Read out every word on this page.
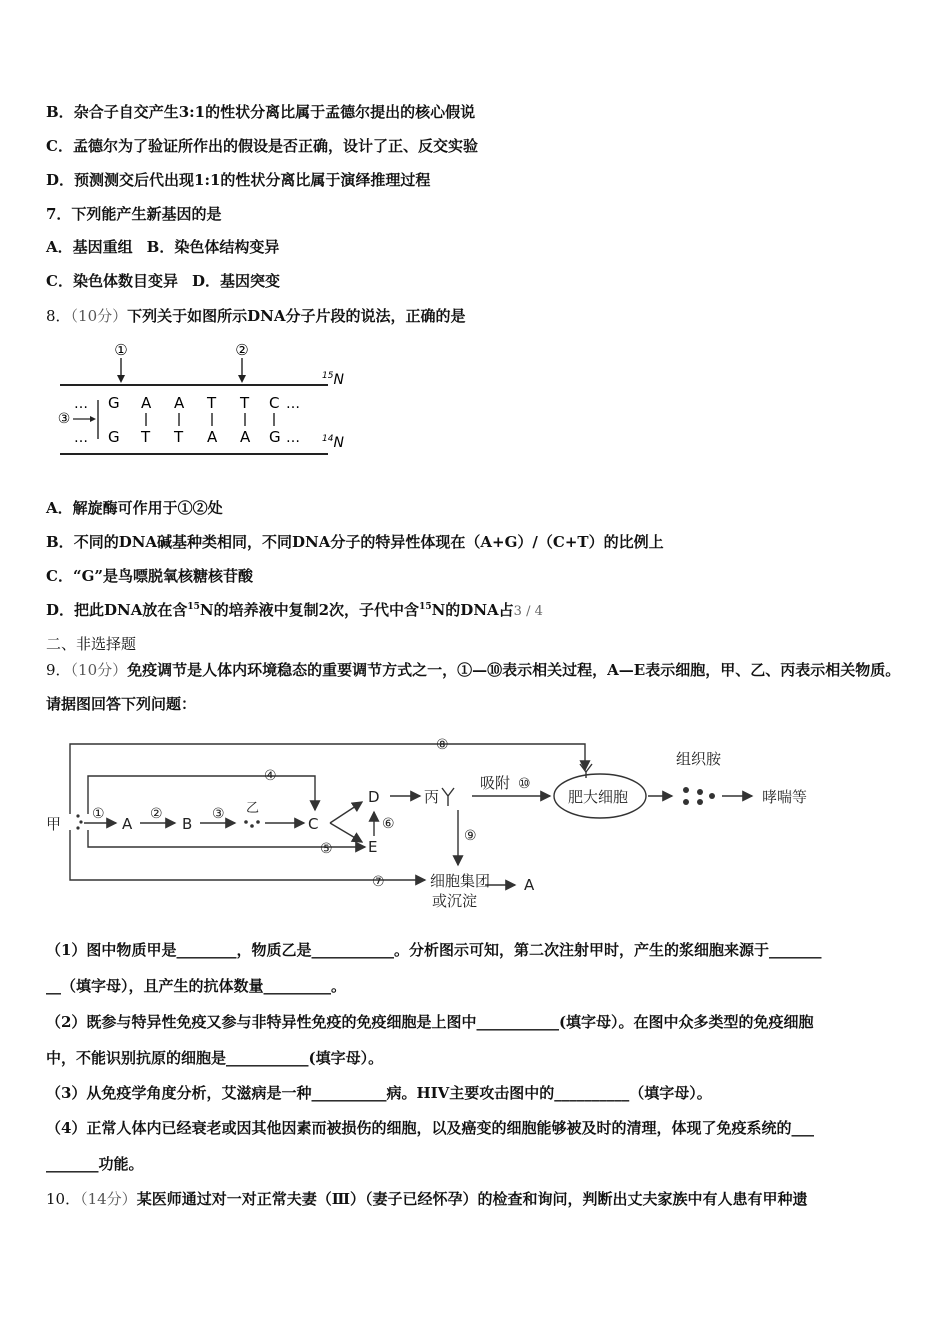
B．杂合子自交产生3:1的性状分离比属于孟德尔提出的核心假说
C．孟德尔为了验证所作出的假设是否正确，设计了正、反交实验
D．预测测交后代出现1:1的性状分离比属于演绎推理过程
7．下列能产生新基因的是
A．基因重组 B．染色体结构变异
C．染色体数目变异 D．基因突变
8．（10分）下列关于如图所示DNA分子片段的说法，正确的是
①	②
③
…
…
…
…
G A A T T C
G T T A A G
$^{15}$N
$^{14}$N
A．解旋酶可作用于①②处
B．不同的DNA碱基种类相同，不同DNA分子的特异性体现在（A+G）/（C+T）的比例上
C．“G”是鸟嘌脱氧核糖核苷酸
D．把此DNA放在含$^{15}$N的培养液中复制2次，子代中含$^{15}$N的DNA占3 / 4
二、非选择题
9．（10分）免疫调节是人体内环境稳态的重要调节方式之一，①—⑩表示相关过程，A—E表示细胞，甲、乙、丙表示相关物质。请据图回答下列问题：
甲	A	B	C
D
E
丙
乙
吸附
肥大细胞
组织胺
哮喘等
细胞集团
或沉淀
A
①	②	③
④
⑤
⑥
⑦
⑧
⑨
⑩
（1）图中物质甲是________，物质乙是___________。分析图示可知，第二次注射甲时，产生的浆细胞来源于_______
__（填字母），且产生的抗体数量_________。
（2）既参与特异性免疫又参与非特异性免疫的免疫细胞是上图中___________(填字母）。在图中众多类型的免疫细胞
中，不能识别抗原的细胞是___________(填字母）。
（3）从免疫学角度分析，艾滋病是一种__________病。HIV主要攻击图中的__________（填字母）。
（4）正常人体内已经衰老或因其他因素而被损伤的细胞，以及癌变的细胞能够被及时的清理，体现了免疫系统的___
_______功能。
10．（14分）某医师通过对一对正常夫妻（Ⅲ）（妻子已经怀孕）的检查和询问，判断出丈夫家族中有人患有甲种遗
